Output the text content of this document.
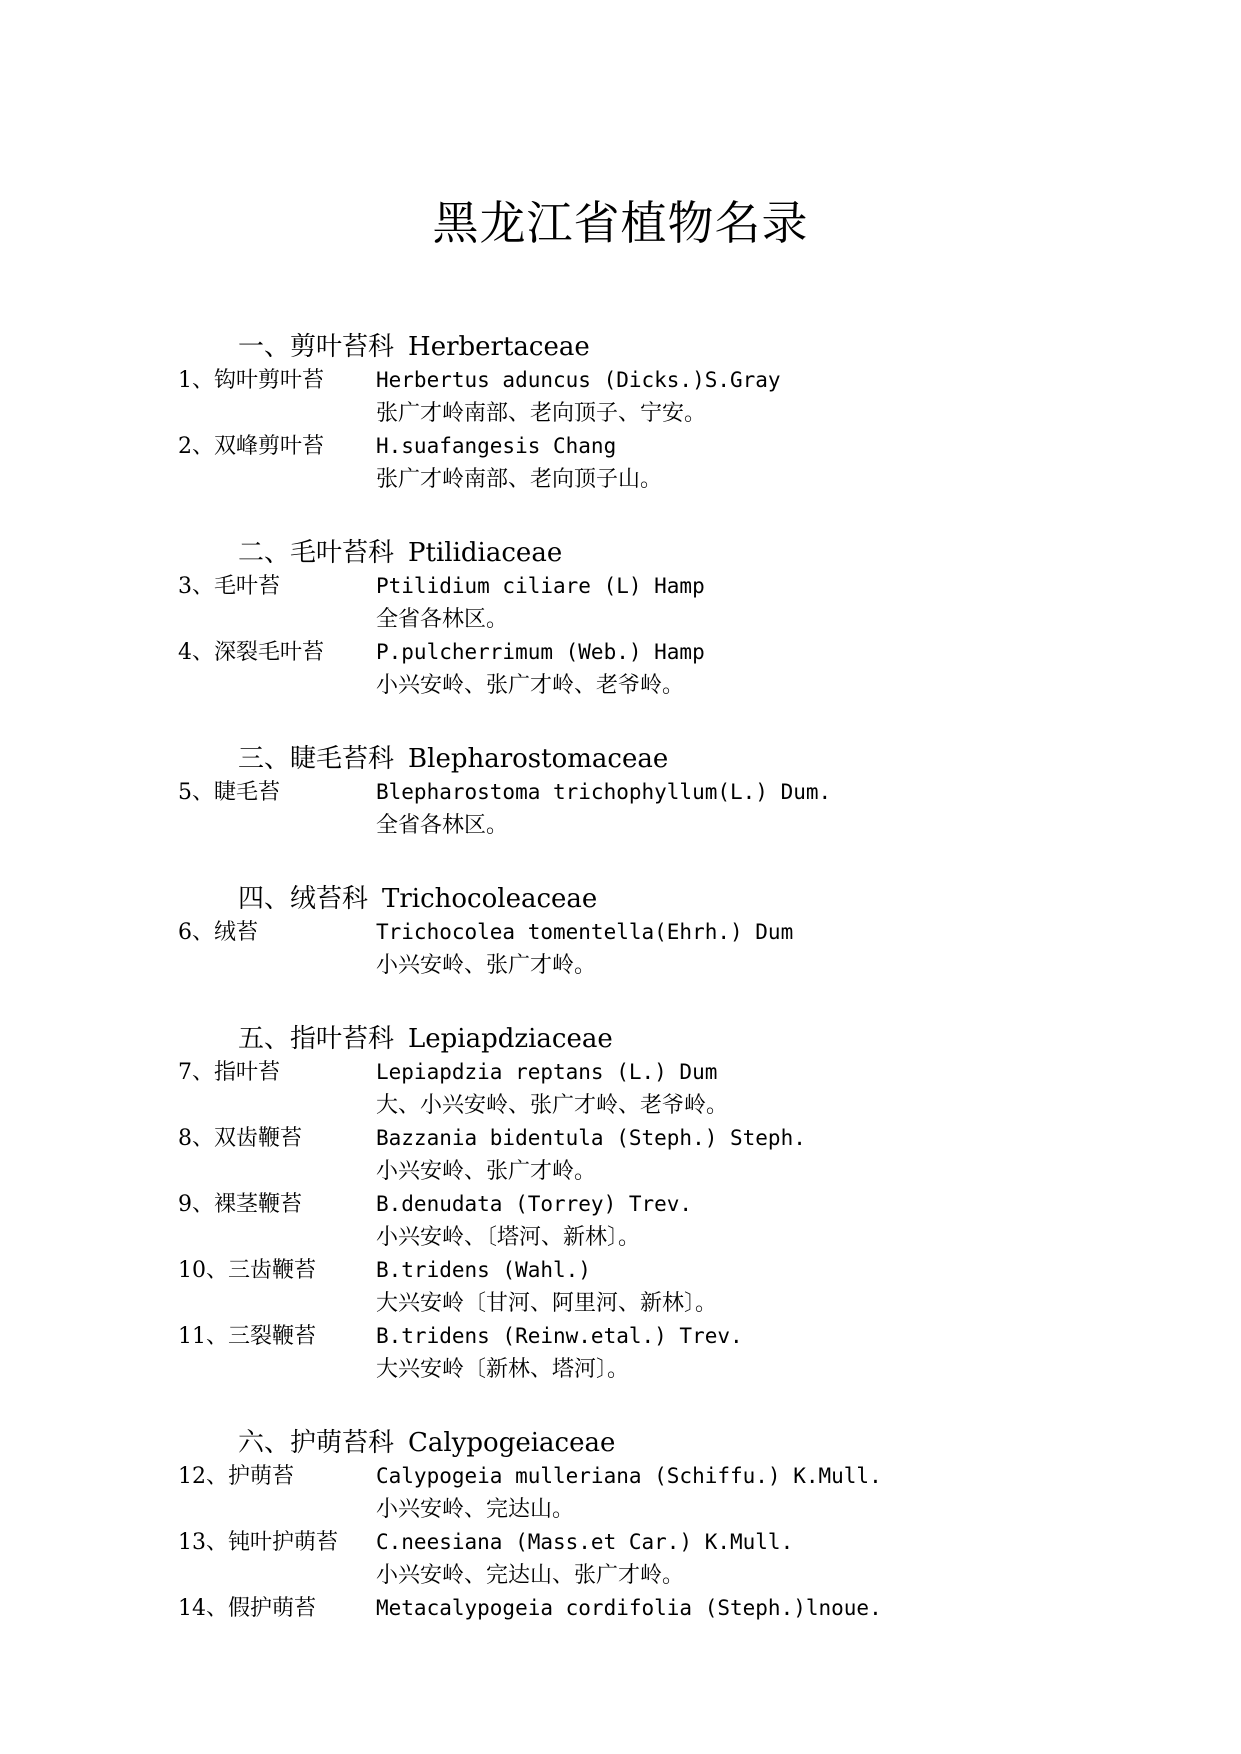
黑龙江省植物名录
一、剪叶苔科 Herbertaceae
1、钩叶剪叶苔	Herbertus aduncus (Dicks.)S.Gray
张广才岭南部、老向顶子、宁安。
2、双峰剪叶苔	H.suafangesis Chang
张广才岭南部、老向顶子山。
二、毛叶苔科 Ptilidiaceae
3、毛叶苔	Ptilidium ciliare (L) Hamp
全省各林区。
4、深裂毛叶苔	P.pulcherrimum (Web.) Hamp
小兴安岭、张广才岭、老爷岭。
三、睫毛苔科 Blepharostomaceae
5、睫毛苔	Blepharostoma trichophyllum(L.) Dum.
全省各林区。
四、绒苔科 Trichocoleaceae
6、绒苔	Trichocolea tomentella(Ehrh.) Dum
小兴安岭、张广才岭。
五、指叶苔科 Lepiapdziaceae
7、指叶苔	Lepiapdzia reptans (L.) Dum
大、小兴安岭、张广才岭、老爷岭。
8、双齿鞭苔	Bazzania bidentula (Steph.) Steph.
小兴安岭、张广才岭。
9、裸茎鞭苔	B.denudata (Torrey) Trev.
小兴安岭、〔塔河、新林〕。
10、三齿鞭苔	B.tridens (Wahl.)
大兴安岭〔甘河、阿里河、新林〕。
11、三裂鞭苔	B.tridens (Reinw.etal.) Trev.
大兴安岭〔新林、塔河〕。
六、护萌苔科 Calypogeiaceae
12、护萌苔	Calypogeia mulleriana (Schiffu.) K.Mull.
小兴安岭、完达山。
13、钝叶护萌苔	C.neesiana (Mass.et Car.) K.Mull.
小兴安岭、完达山、张广才岭。
14、假护萌苔	Metacalypogeia cordifolia (Steph.)lnoue.
